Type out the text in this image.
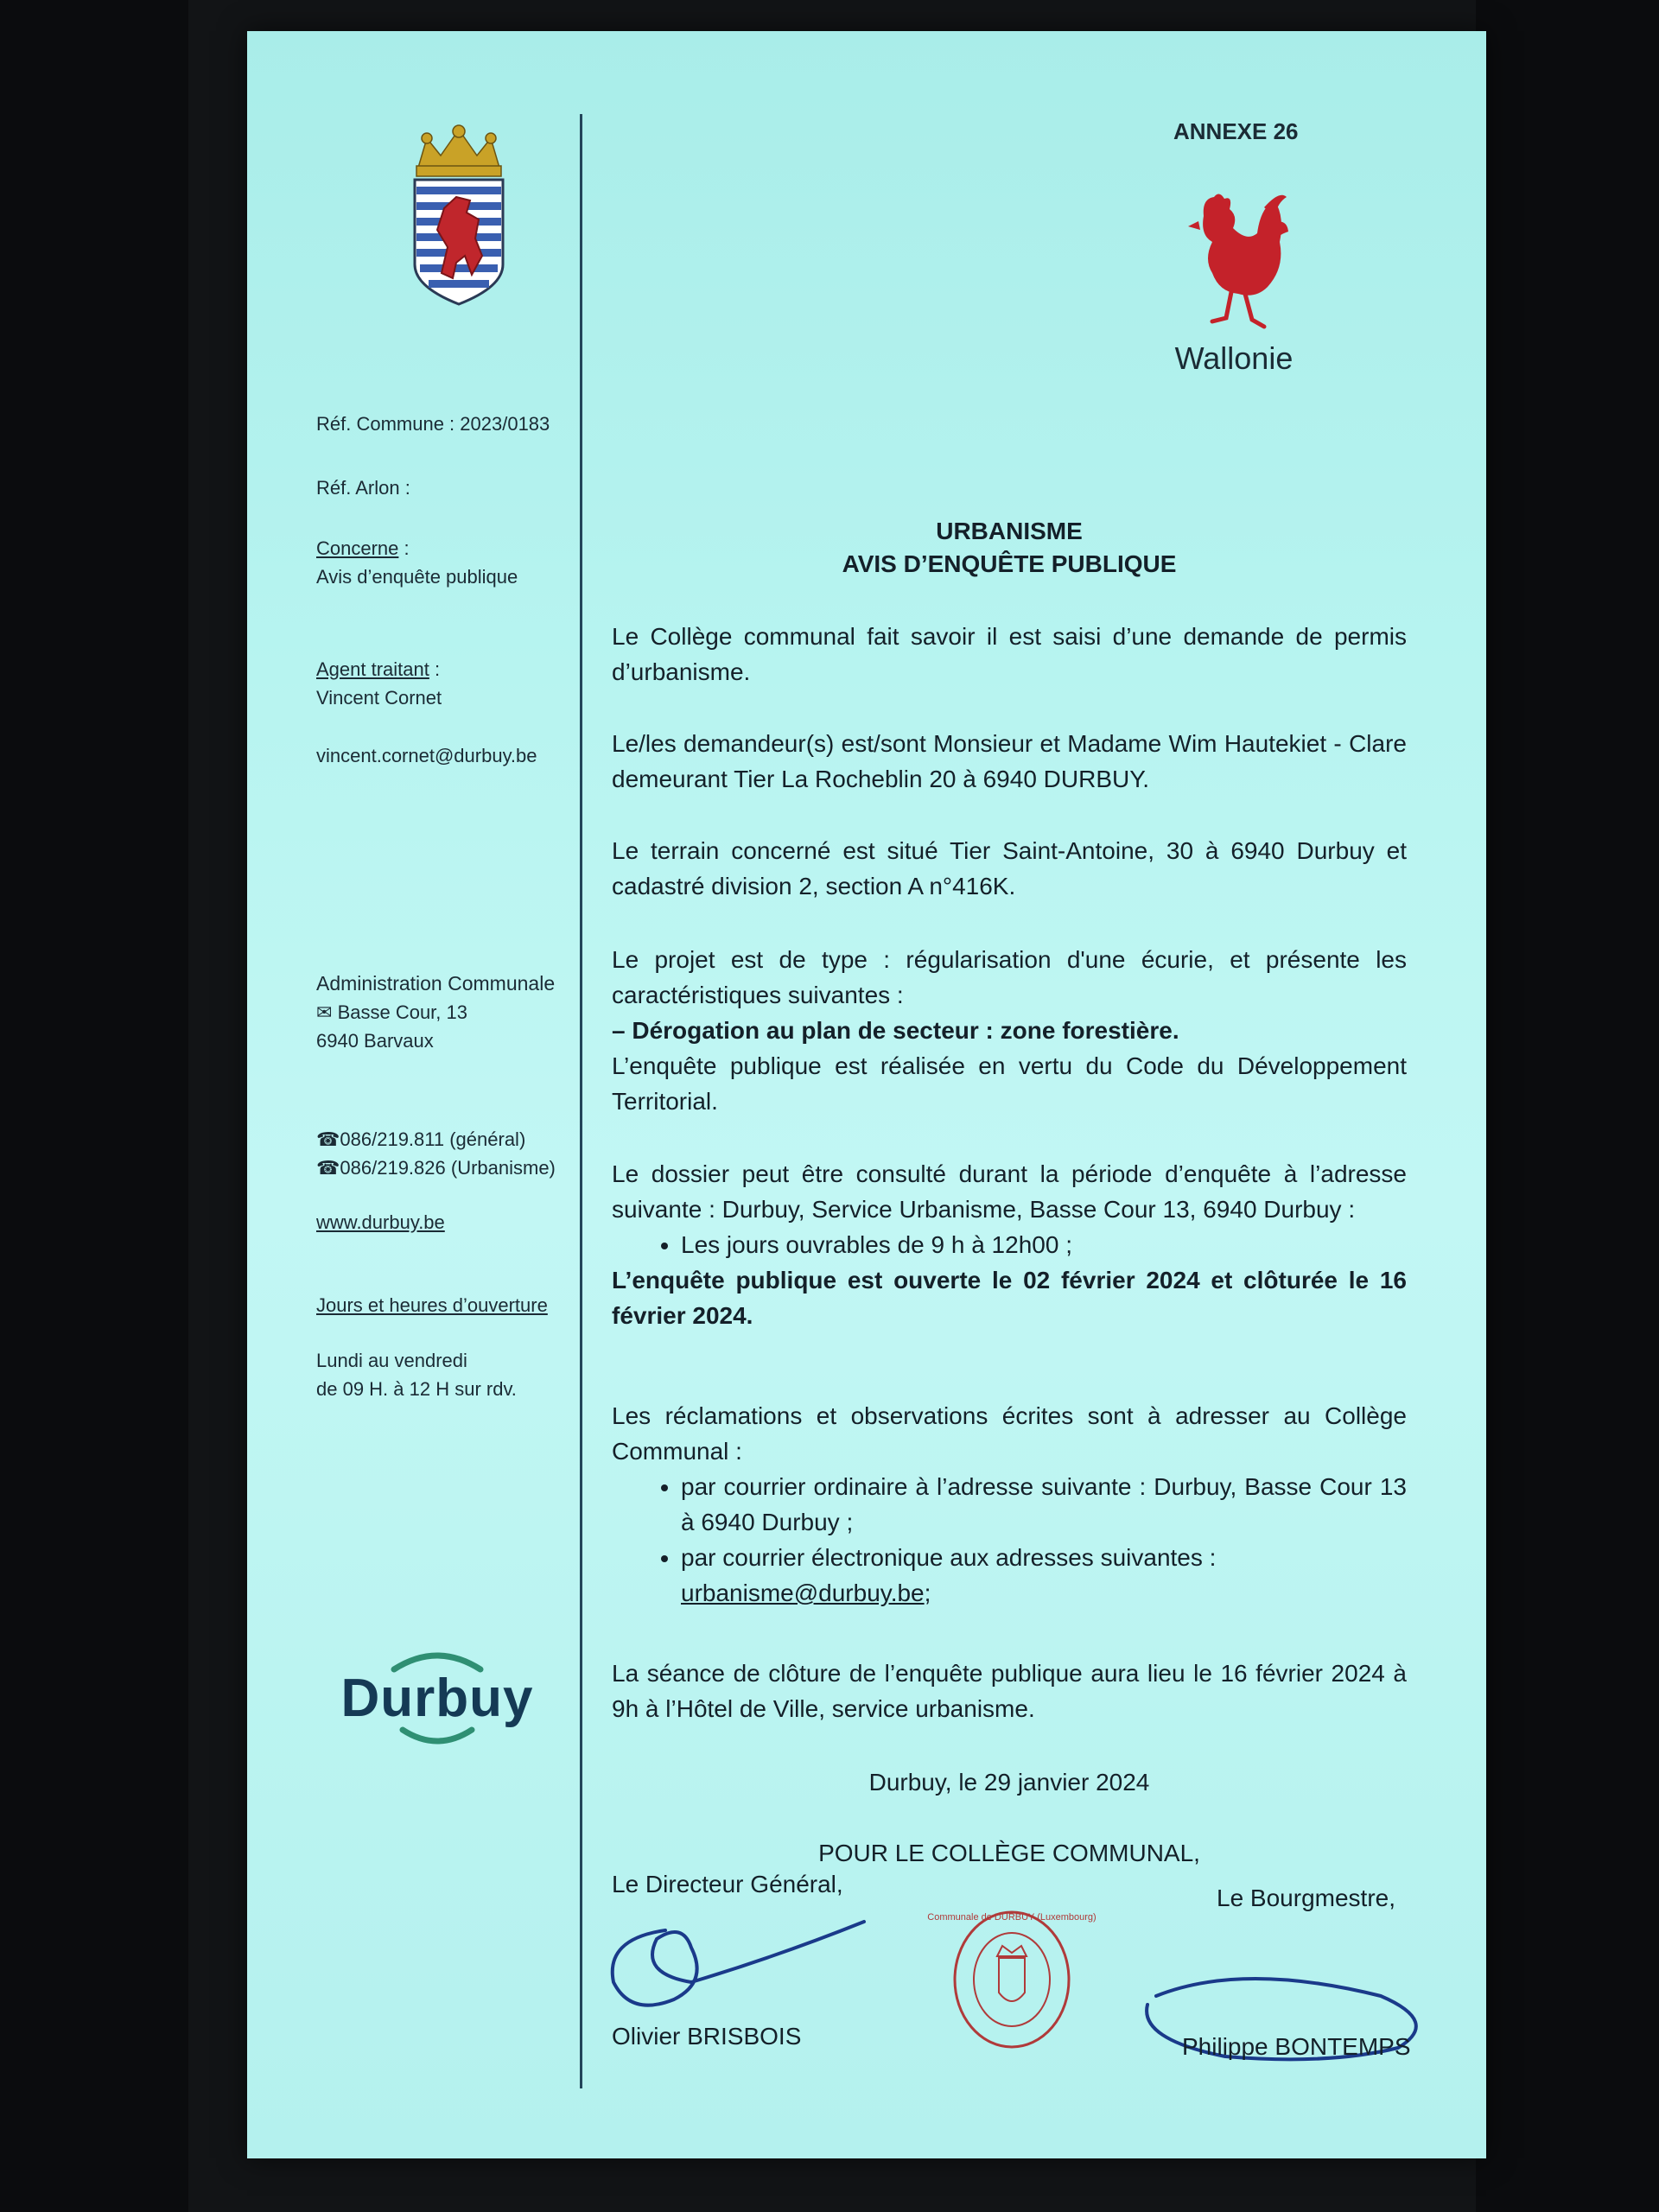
Réf. Commune : 2023/0183
Réf. Arlon :
Concerne :
Avis d’enquête publique
Agent traitant :
Vincent Cornet
vincent.cornet@durbuy.be
Administration Communale
✉ Basse Cour, 13
6940 Barvaux
☎086/219.811 (général)
☎086/219.826 (Urbanisme)
www.durbuy.be
Jours et heures d’ouverture
Lundi au vendredi
de 09 H. à 12 H sur rdv.
Durbuy
ANNEXE 26
Wallonie
URBANISME
AVIS D’ENQUÊTE PUBLIQUE
Le Collège communal fait savoir il est saisi d’une demande de permis d’urbanisme.
Le/les demandeur(s) est/sont Monsieur et Madame Wim Hautekiet - Clare demeurant Tier La Rocheblin 20 à 6940 DURBUY.
Le terrain concerné est situé Tier Saint-Antoine, 30 à 6940 Durbuy et cadastré division 2, section A n°416K.
Le projet est de type : régularisation d'une écurie, et présente les caractéristiques suivantes :
– Dérogation au plan de secteur : zone forestière.
L’enquête publique est réalisée en vertu du Code du Développement Territorial.
Le dossier peut être consulté durant la période d’enquête à l’adresse suivante : Durbuy, Service Urbanisme, Basse Cour 13, 6940 Durbuy :
• Les jours ouvrables de 9 h à 12h00 ;
L’enquête publique est ouverte le 02 février 2024 et clôturée le 16 février 2024.
Les réclamations et observations écrites sont à adresser au Collège Communal :
• par courrier ordinaire à l’adresse suivante : Durbuy, Basse Cour 13 à 6940 Durbuy ;
• par courrier électronique aux adresses suivantes :
urbanisme@durbuy.be;
La séance de clôture de l’enquête publique aura lieu le 16 février 2024 à 9h à l’Hôtel de Ville, service urbanisme.
Durbuy, le 29 janvier 2024
POUR LE COLLÈGE COMMUNAL,
Le Directeur Général,
Le Bourgmestre,
Communale de DURBUY (Luxembourg)
Olivier BRISBOIS	Philippe BONTEMPS
